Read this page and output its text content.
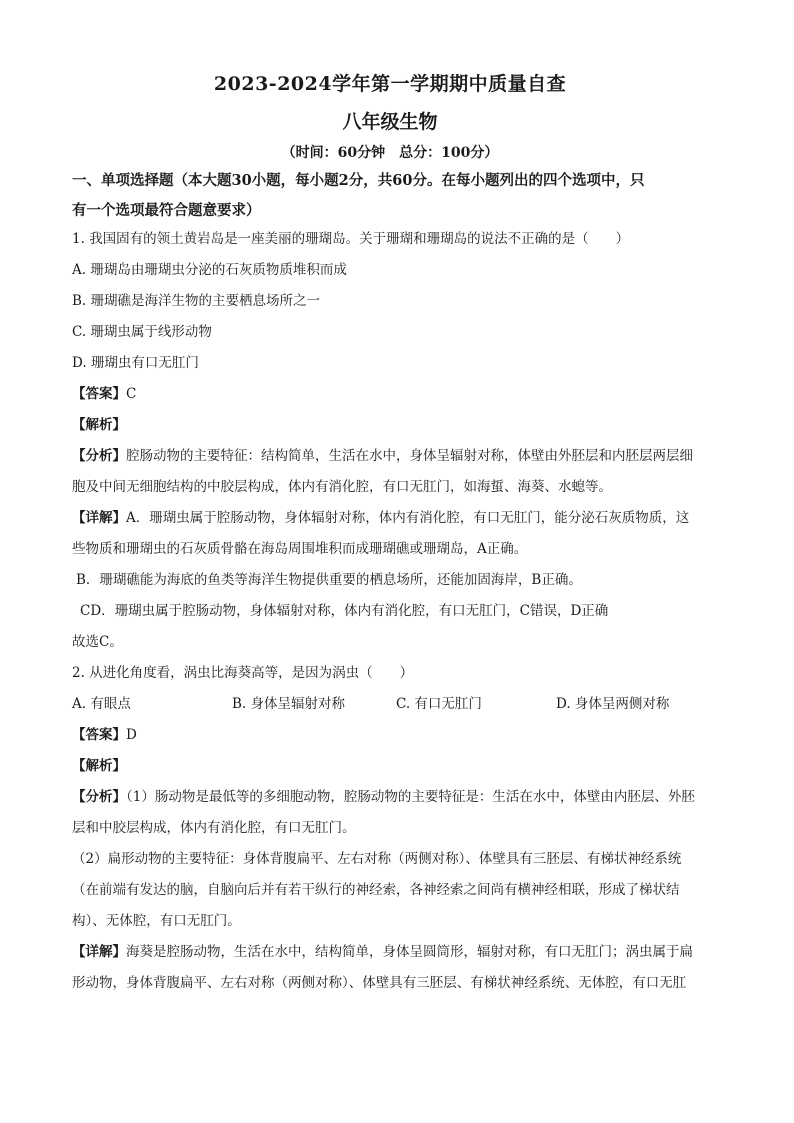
2023-2024学年第一学期期中质量自查
八年级生物
（时间：60分钟　总分：100分）
一、单项选择题（本大题30小题，每小题2分，共60分。在每小题列出的四个选项中，只
有一个选项最符合题意要求）
1. 我国固有的领土黄岩岛是一座美丽的珊瑚岛。关于珊瑚和珊瑚岛的说法不正确的是（　　）
A. 珊瑚岛由珊瑚虫分泌的石灰质物质堆积而成
B. 珊瑚礁是海洋生物的主要栖息场所之一
C. 珊瑚虫属于线形动物
D. 珊瑚虫有口无肛门
【答案】C
【解析】
【分析】腔肠动物的主要特征：结构简单，生活在水中，身体呈辐射对称，体壁由外胚层和内胚层两层细
胞及中间无细胞结构的中胶层构成，体内有消化腔，有口无肛门，如海蜇、海葵、水螅等。
【详解】A．珊瑚虫属于腔肠动物，身体辐射对称，体内有消化腔，有口无肛门，能分泌石灰质物质，这
些物质和珊瑚虫的石灰质骨骼在海岛周围堆积而成珊瑚礁或珊瑚岛，A正确。
B．珊瑚礁能为海底的鱼类等海洋生物提供重要的栖息场所，还能加固海岸，B正确。
CD．珊瑚虫属于腔肠动物，身体辐射对称，体内有消化腔，有口无肛门，C错误，D正确
故选C。
2. 从进化角度看，涡虫比海葵高等，是因为涡虫（　　）
A. 有眼点	B. 身体呈辐射对称	C. 有口无肛门	D. 身体呈两侧对称
【答案】D
【解析】
【分析】（1）肠动物是最低等的多细胞动物，腔肠动物的主要特征是：生活在水中，体壁由内胚层、外胚
层和中胶层构成，体内有消化腔，有口无肛门。
（2）扁形动物的主要特征：身体背腹扁平、左右对称（两侧对称）、体壁具有三胚层、有梯状神经系统
（在前端有发达的脑，自脑向后并有若干纵行的神经索，各神经索之间尚有横神经相联，形成了梯状结
构）、无体腔，有口无肛门。
【详解】海葵是腔肠动物，生活在水中，结构简单，身体呈圆筒形，辐射对称，有口无肛门；涡虫属于扁
形动物，身体背腹扁平、左右对称（两侧对称）、体壁具有三胚层、有梯状神经系统、无体腔，有口无肛
